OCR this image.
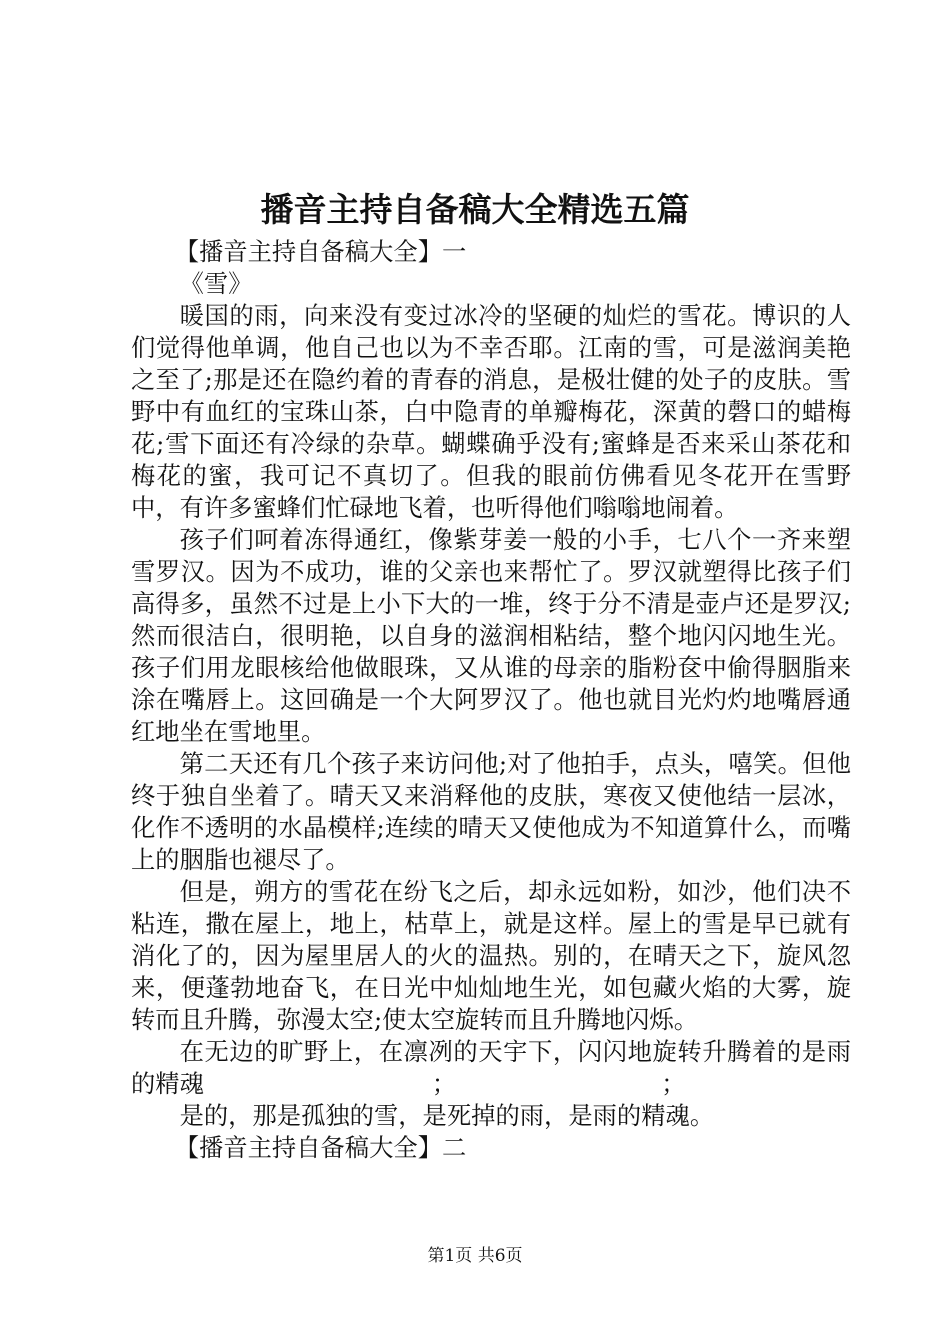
播音主持自备稿大全精选五篇

【播音主持自备稿大全】一

《雪》

暖国的雨，向来没有变过冰冷的坚硬的灿烂的雪花。博识的人们觉得他单调，他自己也以为不幸否耶。江南的雪，可是滋润美艳之至了;那是还在隐约着的青春的消息，是极壮健的处子的皮肤。雪野中有血红的宝珠山茶，白中隐青的单瓣梅花，深黄的磬口的蜡梅花;雪下面还有冷绿的杂草。蝴蝶确乎没有;蜜蜂是否来采山茶花和梅花的蜜，我可记不真切了。但我的眼前仿佛看见冬花开在雪野中，有许多蜜蜂们忙碌地飞着，也听得他们嗡嗡地闹着。

孩子们呵着冻得通红，像紫芽姜一般的小手，七八个一齐来塑雪罗汉。因为不成功，谁的父亲也来帮忙了。罗汉就塑得比孩子们高得多，虽然不过是上小下大的一堆，终于分不清是壶卢还是罗汉;然而很洁白，很明艳，以自身的滋润相粘结，整个地闪闪地生光。孩子们用龙眼核给他做眼珠，又从谁的母亲的脂粉奁中偷得胭脂来涂在嘴唇上。这回确是一个大阿罗汉了。他也就目光灼灼地嘴唇通红地坐在雪地里。

第二天还有几个孩子来访问他;对了他拍手，点头，嘻笑。但他终于独自坐着了。晴天又来消释他的皮肤，寒夜又使他结一层冰，化作不透明的水晶模样;连续的晴天又使他成为不知道算什么，而嘴上的胭脂也褪尽了。

但是，朔方的雪花在纷飞之后，却永远如粉，如沙，他们决不粘连，撒在屋上，地上，枯草上，就是这样。屋上的雪是早已就有消化了的，因为屋里居人的火的温热。别的，在晴天之下，旋风忽来，便蓬勃地奋飞，在日光中灿灿地生光，如包藏火焰的大雾，旋转而且升腾，弥漫太空;使太空旋转而且升腾地闪烁。

在无边的旷野上，在凛冽的天宇下，闪闪地旋转升腾着的是雨的精魂	；	；

是的，那是孤独的雪，是死掉的雨，是雨的精魂。

【播音主持自备稿大全】二

第1页 共6页
